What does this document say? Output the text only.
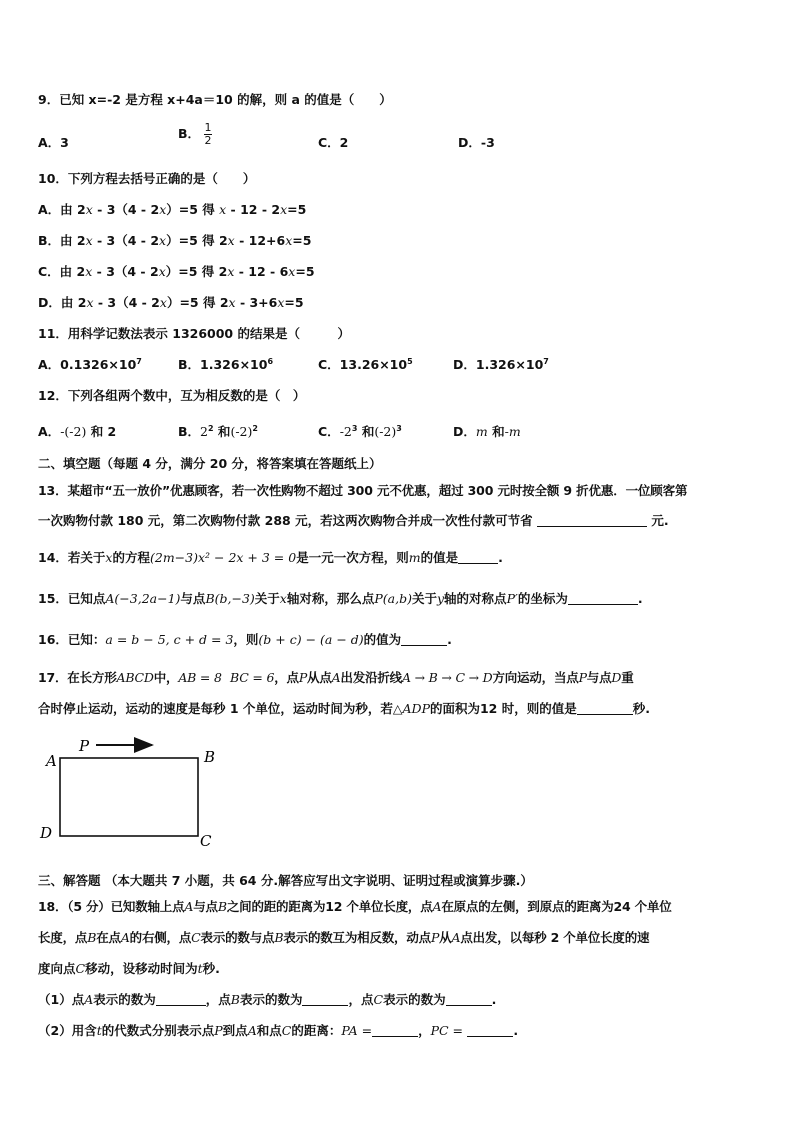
9．已知 x=-2 是方程 x+4a＝10 的解，则 a 的值是（　　）
A．3
B． $\frac{1}{2}$	C．2	D．-3
10．下列方程去括号正确的是（　　）
A．由 2x - 3（4 - 2x）=5 得 x - 12 - 2x=5
B．由 2x - 3（4 - 2x）=5 得 2x - 12+6x=5
C．由 2x - 3（4 - 2x）=5 得 2x - 12 - 6x=5
D．由 2x - 3（4 - 2x）=5 得 2x - 3+6x=5
11．用科学记数法表示 1326000 的结果是（　　　）
A．$0.1326\times 10^7$	B．$1.326\times 10^6$	C．$13.26\times 10^5$	D．$1.326\times 10^7$
12．下列各组两个数中，互为相反数的是（　）
A．-(-2) 和 2	B．$2^2$ 和$(-2)^2$	C．$-2^3$ 和$(-2)^3$	D．m 和-m
二、填空题（每题 4 分，满分 20 分，将答案填在答题纸上）
13．某超市“五一放价”优惠顾客，若一次性购物不超过 300 元不优惠，超过 300 元时按全额 9 折优惠．一位顾客第
一次购物付款 180 元，第二次购物付款 288 元，若这两次购物合并成一次性付款可节省	元.
14．若关于x的方程(2m−3)x² − 2x + 3 = 0是一元一次方程，则m的值是	.
15．已知点A(−3,2a−1)与点B(b,−3)关于x轴对称，那么点P(a,b)关于y轴的对称点P′的坐标为	.
16．已知：a = b − 5, c + d = 3，则(b + c) − (a − d)的值为	.
17．在长方形ABCD中，AB = 8 BC = 6，点P从点A出发沿折线A → B → C → D方向运动，当点P与点D重
合时停止运动，运动的速度是每秒 1 个单位，运动时间为秒，若△ADP的面积为12 时，则的值是	秒.
P
A	B
C
D
三、解答题 （本大题共 7 小题，共 64 分.解答应写出文字说明、证明过程或演算步骤.）
18．（5 分）已知数轴上点A与点B之间的距的距离为12 个单位长度，点A在原点的左侧，到原点的距离为24 个单位
长度，点B在点A的右侧，点C表示的数与点B表示的数互为相反数，动点P从A点出发，以每秒 2 个单位长度的速
度向点C移动，设移动时间为t秒.
（1）点A表示的数为	，点B表示的数为	，点C表示的数为	.
（2）用含t的代数式分别表示点P到点A和点C的距离：PA =	，PC =	.
